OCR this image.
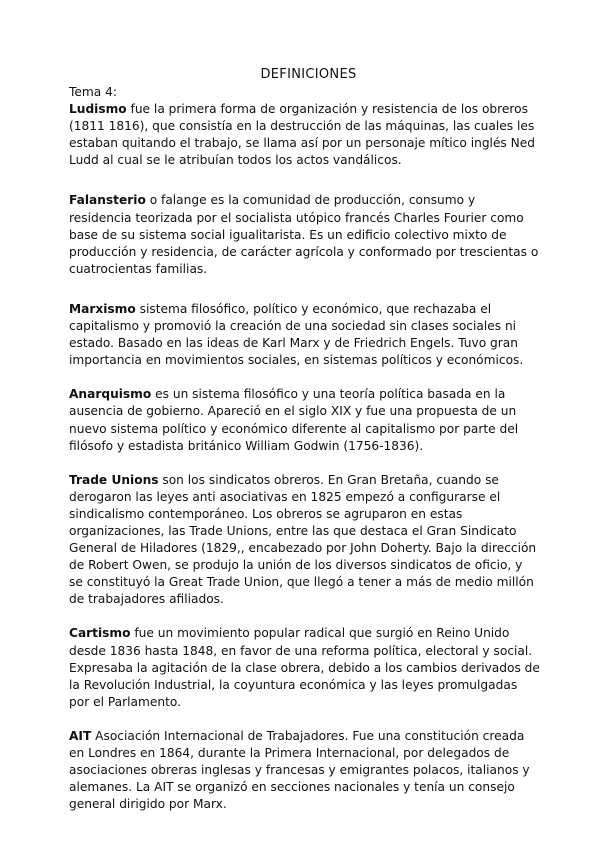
DEFINICIONES

Tema 4:

Ludismo fue la primera forma de organización y resistencia de los obreros (1811 1816), que consistía en la destrucción de las máquinas, las cuales les estaban quitando el trabajo, se llama así por un personaje mítico inglés Ned Ludd al cual se le atribuían todos los actos vandálicos.

Falansterio o falange es la comunidad de producción, consumo y residencia teorizada por el socialista utópico francés Charles Fourier como base de su sistema social igualitarista. Es un edificio colectivo mixto de producción y residencia, de carácter agrícola y conformado por trescientas o cuatrocientas familias.

Marxismo sistema filosófico, político y económico, que rechazaba el capitalismo y promovió la creación de una sociedad sin clases sociales ni estado. Basado en las ideas de Karl Marx y de Friedrich Engels. Tuvo gran importancia en movimientos sociales, en sistemas políticos y económicos.

Anarquismo es un sistema filosófico y una teoría política basada en la ausencia de gobierno. Apareció en el siglo XIX y fue una propuesta de un nuevo sistema político y económico diferente al capitalismo por parte del filósofo y estadista británico William Godwin (1756-1836).

Trade Unions son los sindicatos obreros. En Gran Bretaña, cuando se derogaron las leyes anti asociativas en 1825 empezó a configurarse el sindicalismo contemporáneo. Los obreros se agruparon en estas organizaciones, las Trade Unions, entre las que destaca el Gran Sindicato General de Hiladores (1829,, encabezado por John Doherty. Bajo la dirección de Robert Owen, se produjo la unión de los diversos sindicatos de oficio, y se constituyó la Great Trade Union, que llegó a tener a más de medio millón de trabajadores afiliados.

Cartismo fue un movimiento popular radical que surgió en Reino Unido desde 1836 hasta 1848, en favor de una reforma política, electoral y social. Expresaba la agitación de la clase obrera, debido a los cambios derivados de la Revolución Industrial, la coyuntura económica y las leyes promulgadas por el Parlamento.

AIT Asociación Internacional de Trabajadores. Fue una constitución creada en Londres en 1864, durante la Primera Internacional, por delegados de asociaciones obreras inglesas y francesas y emigrantes polacos, italianos y alemanes. La AIT se organizó en secciones nacionales y tenía un consejo general dirigido por Marx.
